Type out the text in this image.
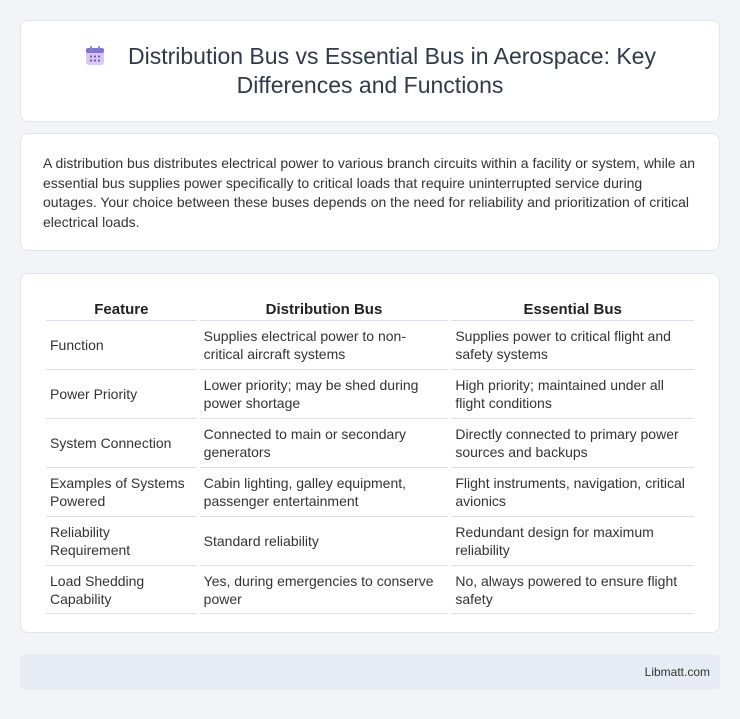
Distribution Bus vs Essential Bus in Aerospace: Key Differences and Functions

A distribution bus distributes electrical power to various branch circuits within a facility or system, while an essential bus supplies power specifically to critical loads that require uninterrupted service during outages. Your choice between these buses depends on the need for reliability and prioritization of critical electrical loads.

Feature	Distribution Bus	Essential Bus
Function	Supplies electrical power to non-critical aircraft systems	Supplies power to critical flight and safety systems
Power Priority	Lower priority; may be shed during power shortage	High priority; maintained under all flight conditions
System Connection	Connected to main or secondary generators	Directly connected to primary power sources and backups
Examples of Systems Powered	Cabin lighting, galley equipment, passenger entertainment	Flight instruments, navigation, critical avionics
Reliability Requirement	Standard reliability	Redundant design for maximum reliability
Load Shedding Capability	Yes, during emergencies to conserve power	No, always powered to ensure flight safety
Libmatt.com
